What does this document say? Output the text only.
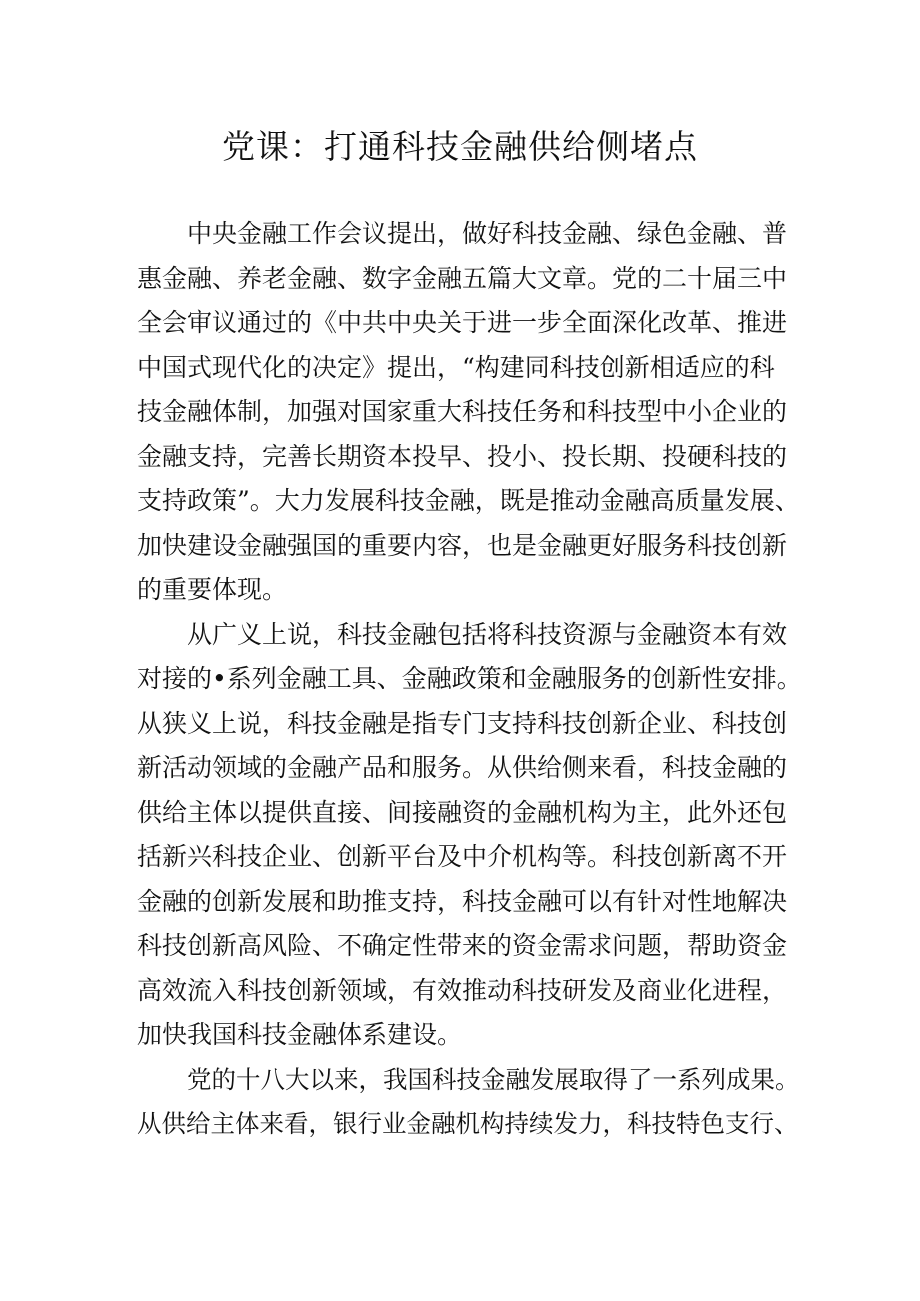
党课：打通科技金融供给侧堵点
中央金融工作会议提出，做好科技金融、绿色金融、普
惠金融、养老金融、数字金融五篇大文章。党的二十届三中
全会审议通过的《中共中央关于进一步全面深化改革、推进
中国式现代化的决定》提出，“构建同科技创新相适应的科
技金融体制，加强对国家重大科技任务和科技型中小企业的
金融支持，完善长期资本投早、投小、投长期、投硬科技的
支持政策”。大力发展科技金融，既是推动金融高质量发展、
加快建设金融强国的重要内容，也是金融更好服务科技创新
的重要体现。
从广义上说，科技金融包括将科技资源与金融资本有效
对接的•系列金融工具、金融政策和金融服务的创新性安排。
从狭义上说，科技金融是指专门支持科技创新企业、科技创
新活动领域的金融产品和服务。从供给侧来看，科技金融的
供给主体以提供直接、间接融资的金融机构为主，此外还包
括新兴科技企业、创新平台及中介机构等。科技创新离不开
金融的创新发展和助推支持，科技金融可以有针对性地解决
科技创新高风险、不确定性带来的资金需求问题，帮助资金
高效流入科技创新领域，有效推动科技研发及商业化进程，
加快我国科技金融体系建设。
党的十八大以来，我国科技金融发展取得了一系列成果。
从供给主体来看，银行业金融机构持续发力，科技特色支行、
